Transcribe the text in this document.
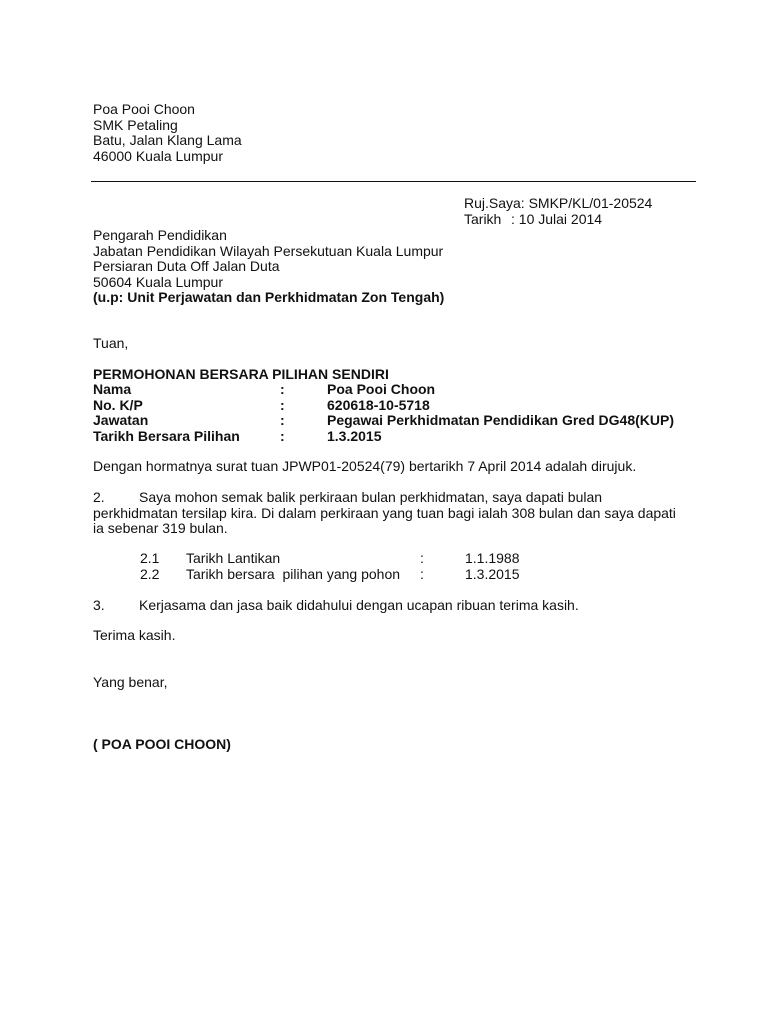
Poa Pooi Choon
SMK Petaling
Batu, Jalan Klang Lama
46000 Kuala Lumpur
Ruj.Saya: SMKP/KL/01-20524
Tarikh : 10 Julai 2014
Pengarah Pendidikan
Jabatan Pendidikan Wilayah Persekutuan Kuala Lumpur
Persiaran Duta Off Jalan Duta
50604 Kuala Lumpur
(u.p: Unit Perjawatan dan Perkhidmatan Zon Tengah)
Tuan,
PERMOHONAN BERSARA PILIHAN SENDIRI
Nama	:	Poa Pooi Choon
No. K/P	:	620618-10-5718
Jawatan	:	Pegawai Perkhidmatan Pendidikan Gred DG48(KUP)
Tarikh Bersara Pilihan	:	1.3.2015
Dengan hormatnya surat tuan JPWP01-20524(79) bertarikh 7 April 2014 adalah dirujuk.
2. Saya mohon semak balik perkiraan bulan perkhidmatan, saya dapati bulan
perkhidmatan tersilap kira. Di dalam perkiraan yang tuan bagi ialah 308 bulan dan saya dapati
ia sebenar 319 bulan.
2.1 Tarikh Lantikan	:	1.1.1988
2.2 Tarikh bersara  pilihan yang pohon :	1.3.2015
3. Kerjasama dan jasa baik didahului dengan ucapan ribuan terima kasih.
Terima kasih.
Yang benar,
( POA POOI CHOON)
